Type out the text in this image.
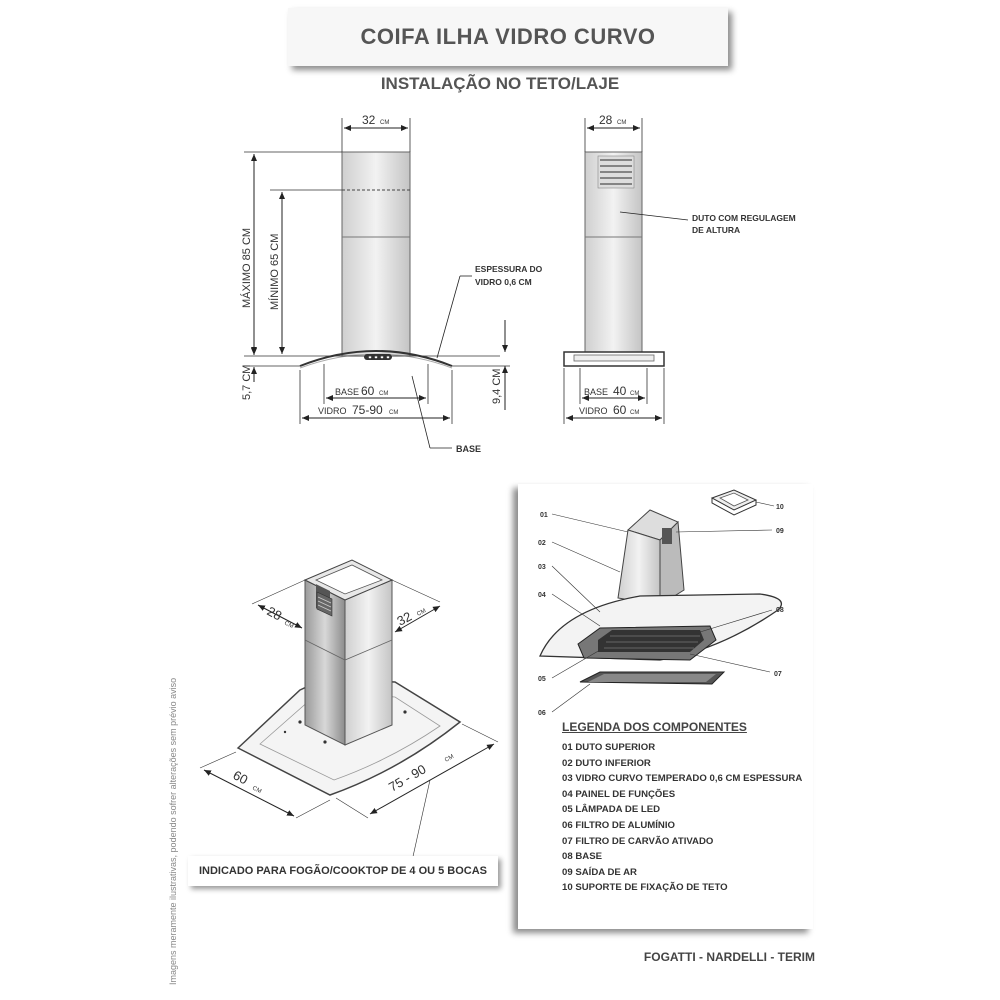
COIFA ILHA VIDRO CURVO
INSTALAÇÃO NO TETO/LAJE
32 CM
MÁXIMO 85 CM MÍNIMO 65 CM
5,7 CM
ESPESSURA DO
VIDRO 0,6 CM
BASE 60 CM
VIDRO 75-90 CM
BASE
28 CM
DUTO COM REGULAGEM
DE ALTURA
9,4 CM	BASE 40 CM
VIDRO 60 CM
28
CM	32 CM
60
CM	75 - 90
CM
INDICADO PARA FOGÃO/COOKTOP DE 4 OU 5 BOCAS
01
02
03
04
05
06
07
08
09
10
LEGENDA DOS COMPONENTES
01 DUTO SUPERIOR
02 DUTO INFERIOR
03 VIDRO CURVO TEMPERADO 0,6 CM ESPESSURA
04 PAINEL DE FUNÇÕES
05 LÂMPADA DE LED
06 FILTRO DE ALUMÍNIO
07 FILTRO DE CARVÃO ATIVADO
08 BASE
09 SAÍDA DE AR
10 SUPORTE DE FIXAÇÃO DE TETO
Imagens meramente ilustrativas, podendo sofrer alterações sem prévio aviso	FOGATTI - NARDELLI - TERIM
